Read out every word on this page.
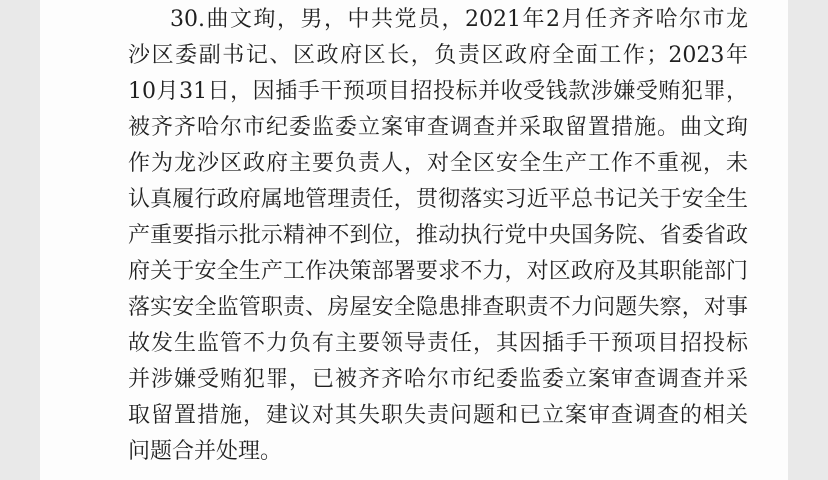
30.曲文珣，男，中共党员，2021年2月任齐齐哈尔市龙
沙区委副书记、区政府区长，负责区政府全面工作；2023年
10月31日，因插手干预项目招投标并收受钱款涉嫌受贿犯罪，
被齐齐哈尔市纪委监委立案审查调查并采取留置措施。曲文珣
作为龙沙区政府主要负责人，对全区安全生产工作不重视，未
认真履行政府属地管理责任，贯彻落实习近平总书记关于安全生
产重要指示批示精神不到位，推动执行党中央国务院、省委省政
府关于安全生产工作决策部署要求不力，对区政府及其职能部门
落实安全监管职责、房屋安全隐患排查职责不力问题失察，对事
故发生监管不力负有主要领导责任，其因插手干预项目招投标
并涉嫌受贿犯罪，已被齐齐哈尔市纪委监委立案审查调查并采
取留置措施，建议对其失职失责问题和已立案审查调查的相关
问题合并处理。
